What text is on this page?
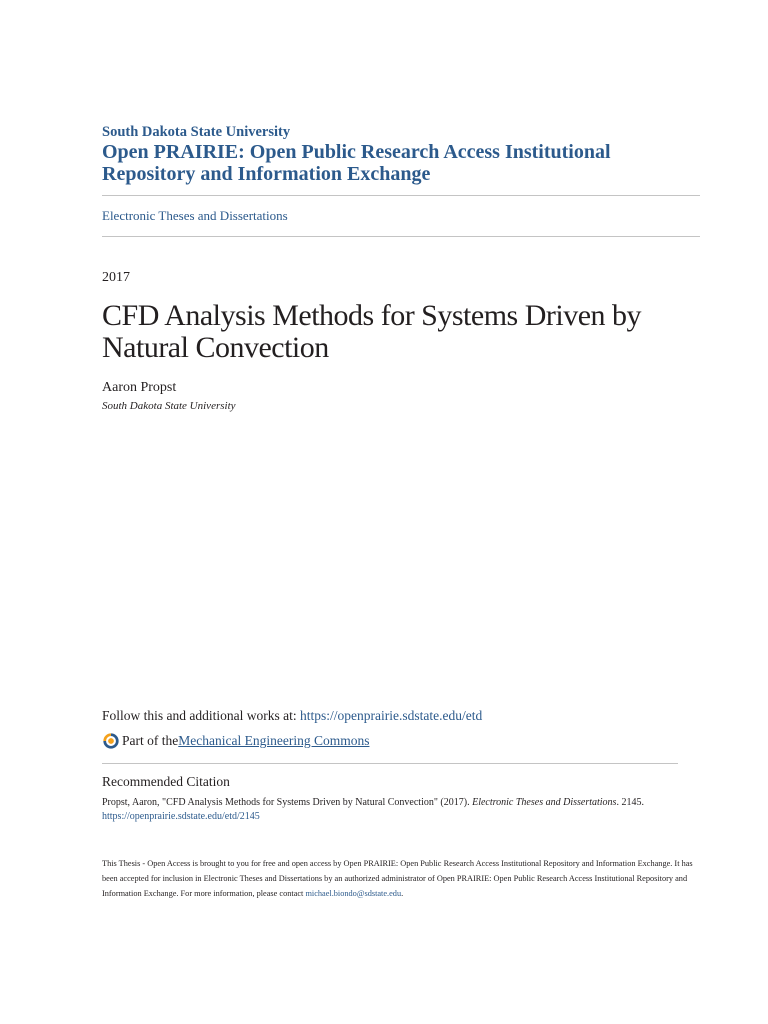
South Dakota State University
Open PRAIRIE: Open Public Research Access Institutional Repository and Information Exchange
Electronic Theses and Dissertations
2017
CFD Analysis Methods for Systems Driven by Natural Convection
Aaron Propst
South Dakota State University
Follow this and additional works at: https://openprairie.sdstate.edu/etd
Part of the Mechanical Engineering Commons
Recommended Citation
Propst, Aaron, "CFD Analysis Methods for Systems Driven by Natural Convection" (2017). Electronic Theses and Dissertations. 2145.
https://openprairie.sdstate.edu/etd/2145
This Thesis - Open Access is brought to you for free and open access by Open PRAIRIE: Open Public Research Access Institutional Repository and Information Exchange. It has been accepted for inclusion in Electronic Theses and Dissertations by an authorized administrator of Open PRAIRIE: Open Public Research Access Institutional Repository and Information Exchange. For more information, please contact michael.biondo@sdstate.edu.
